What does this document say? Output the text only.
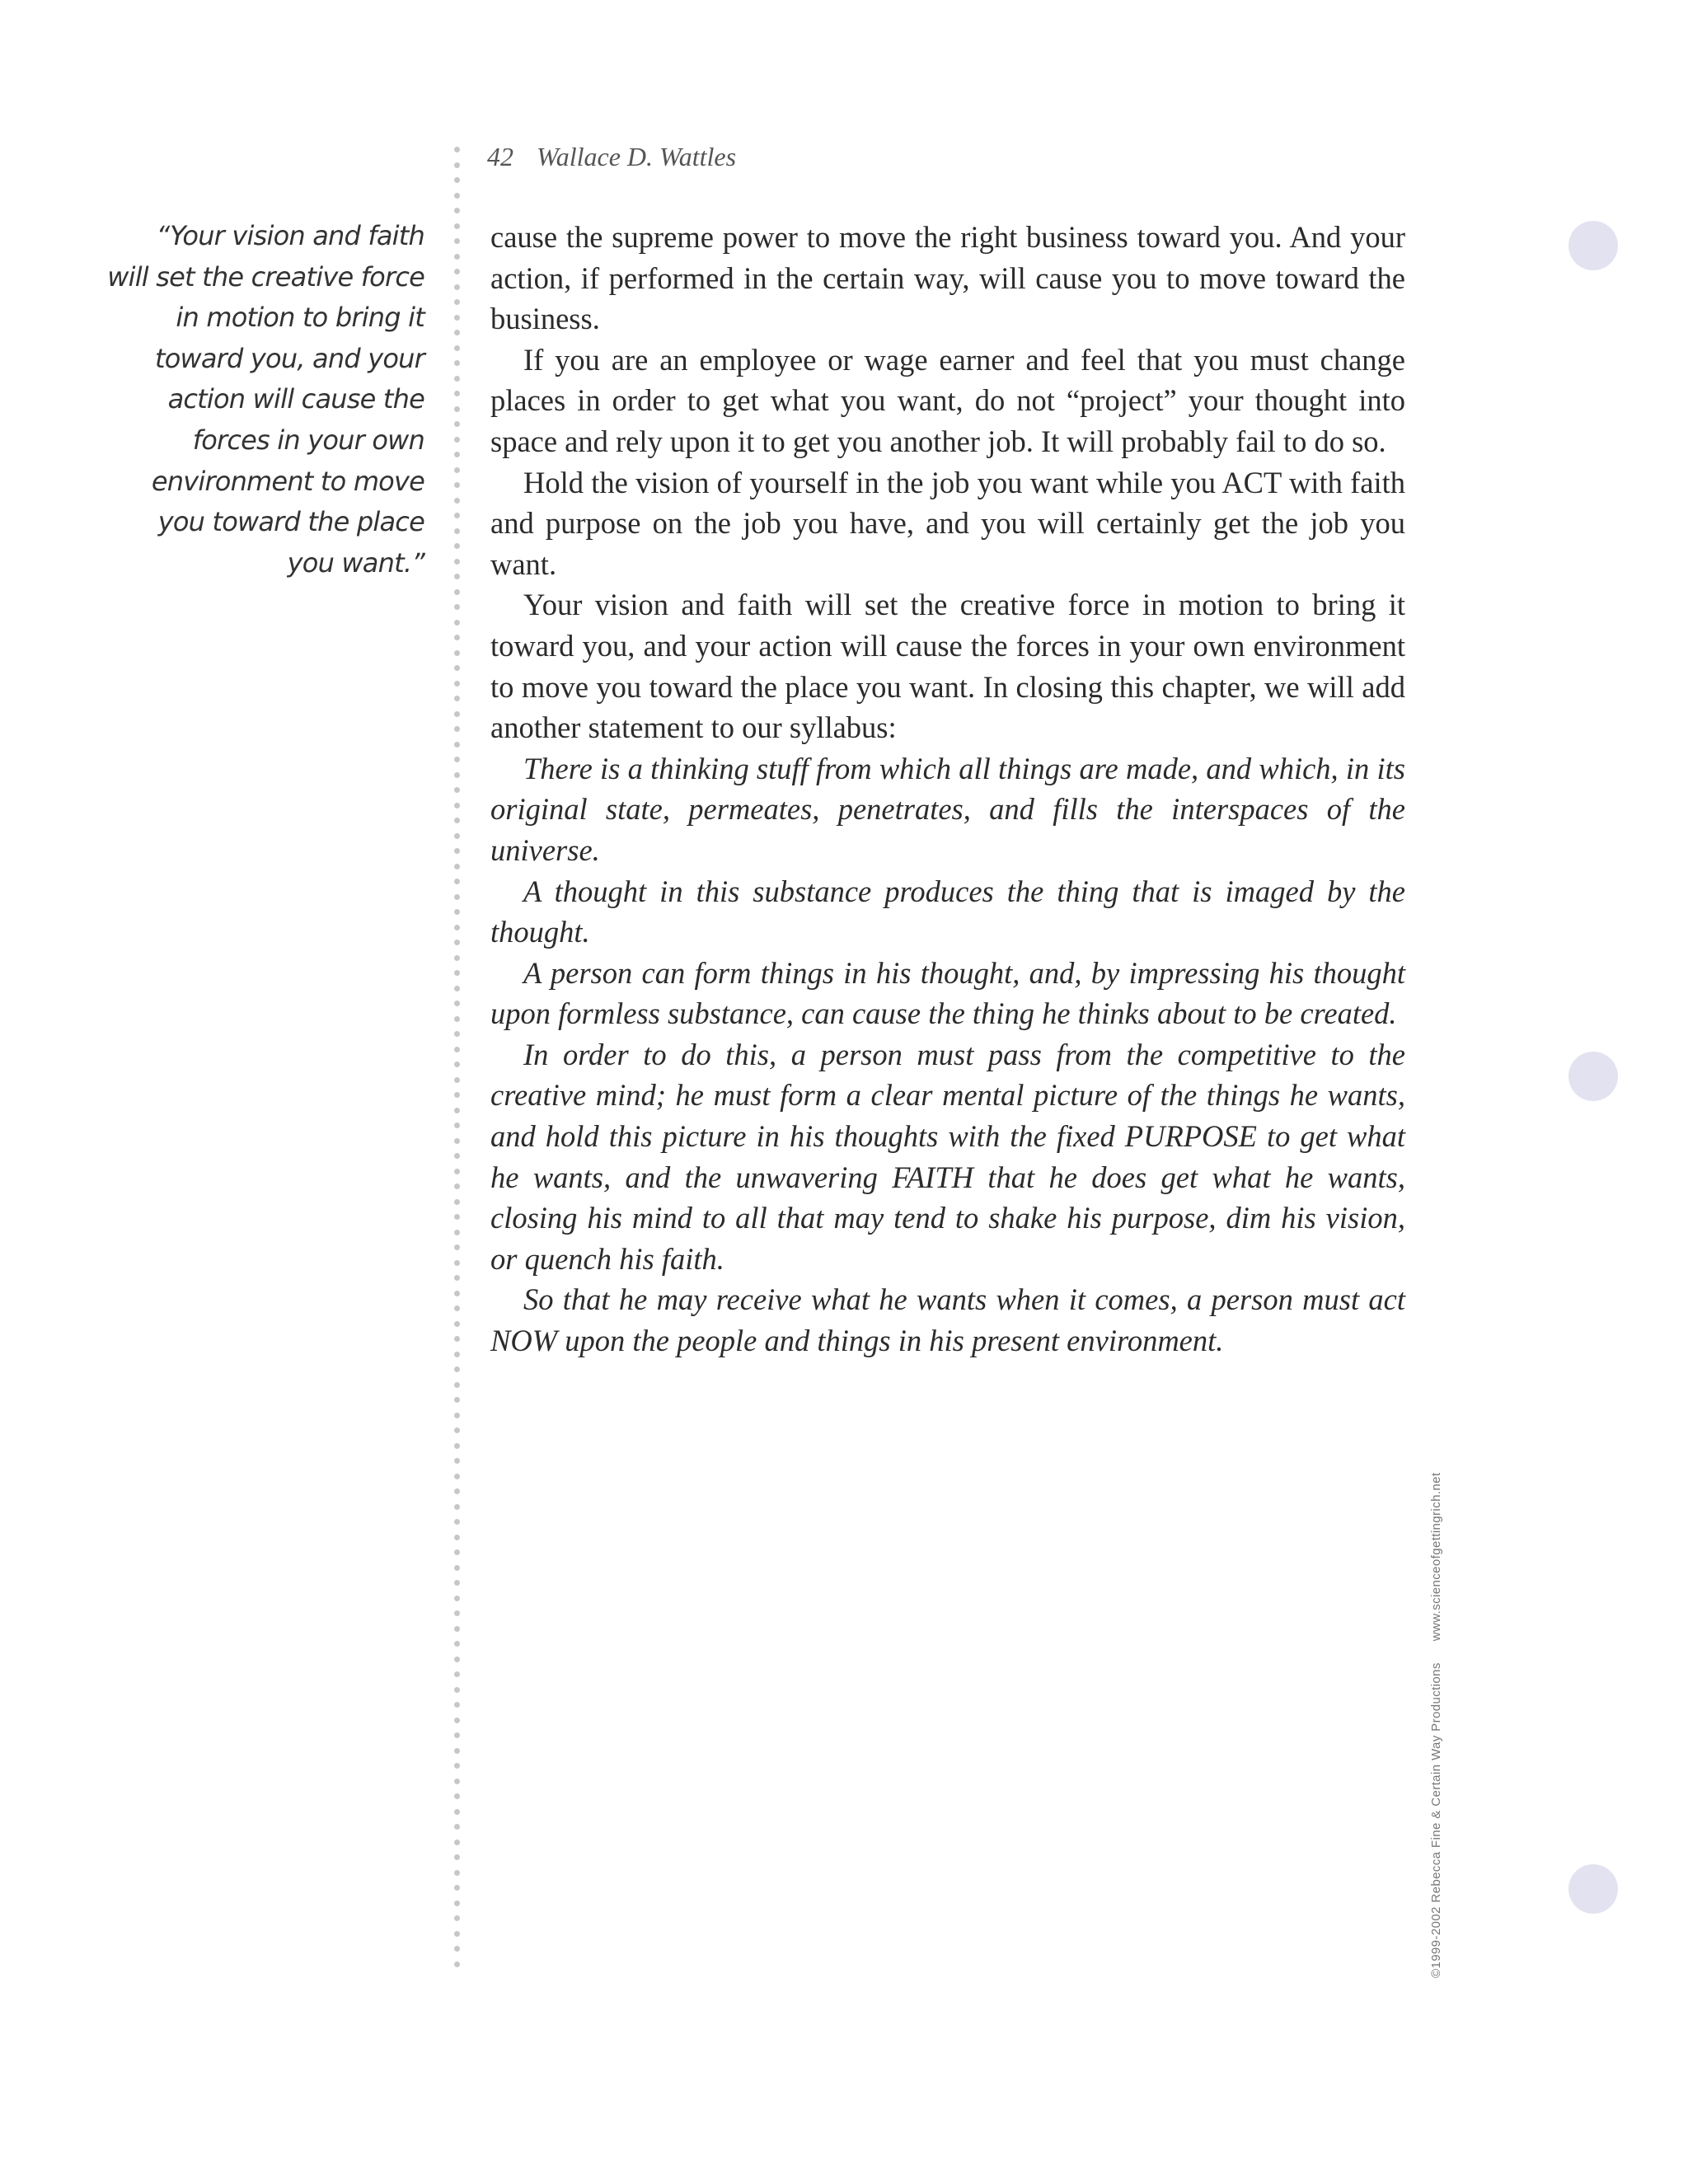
42 Wallace D. Wattles
“Your vision and faith
will set the creative force
in motion to bring it
toward you, and your
action will cause the
forces in your own
environment to move
you toward the place
you want.”

cause the supreme power to move the right business toward you. And your action, if performed in the certain way, will cause you to move toward the business.

If you are an employee or wage earner and feel that you must change places in order to get what you want, do not “project” your thought into space and rely upon it to get you another job. It will probably fail to do so.

Hold the vision of yourself in the job you want while you ACT with faith and purpose on the job you have, and you will certainly get the job you want.

Your vision and faith will set the creative force in motion to bring it toward you, and your action will cause the forces in your own environment to move you toward the place you want. In closing this chapter, we will add another statement to our syllabus:

There is a thinking stuff from which all things are made, and which, in its original state, permeates, penetrates, and fills the interspaces of the universe.

A thought in this substance produces the thing that is imaged by the thought.

A person can form things in his thought, and, by impressing his thought upon formless substance, can cause the thing he thinks about to be created.

In order to do this, a person must pass from the competitive to the creative mind; he must form a clear mental picture of the things he wants, and hold this picture in his thoughts with the fixed PURPOSE to get what he wants, and the unwavering FAITH that he does get what he wants, closing his mind to all that may tend to shake his purpose, dim his vision, or quench his faith.

So that he may receive what he wants when it comes, a person must act NOW upon the people and things in his present environment.

©1999-2002 Rebecca Fine & Certain Way Productionswww.scienceofgettingrich.net
